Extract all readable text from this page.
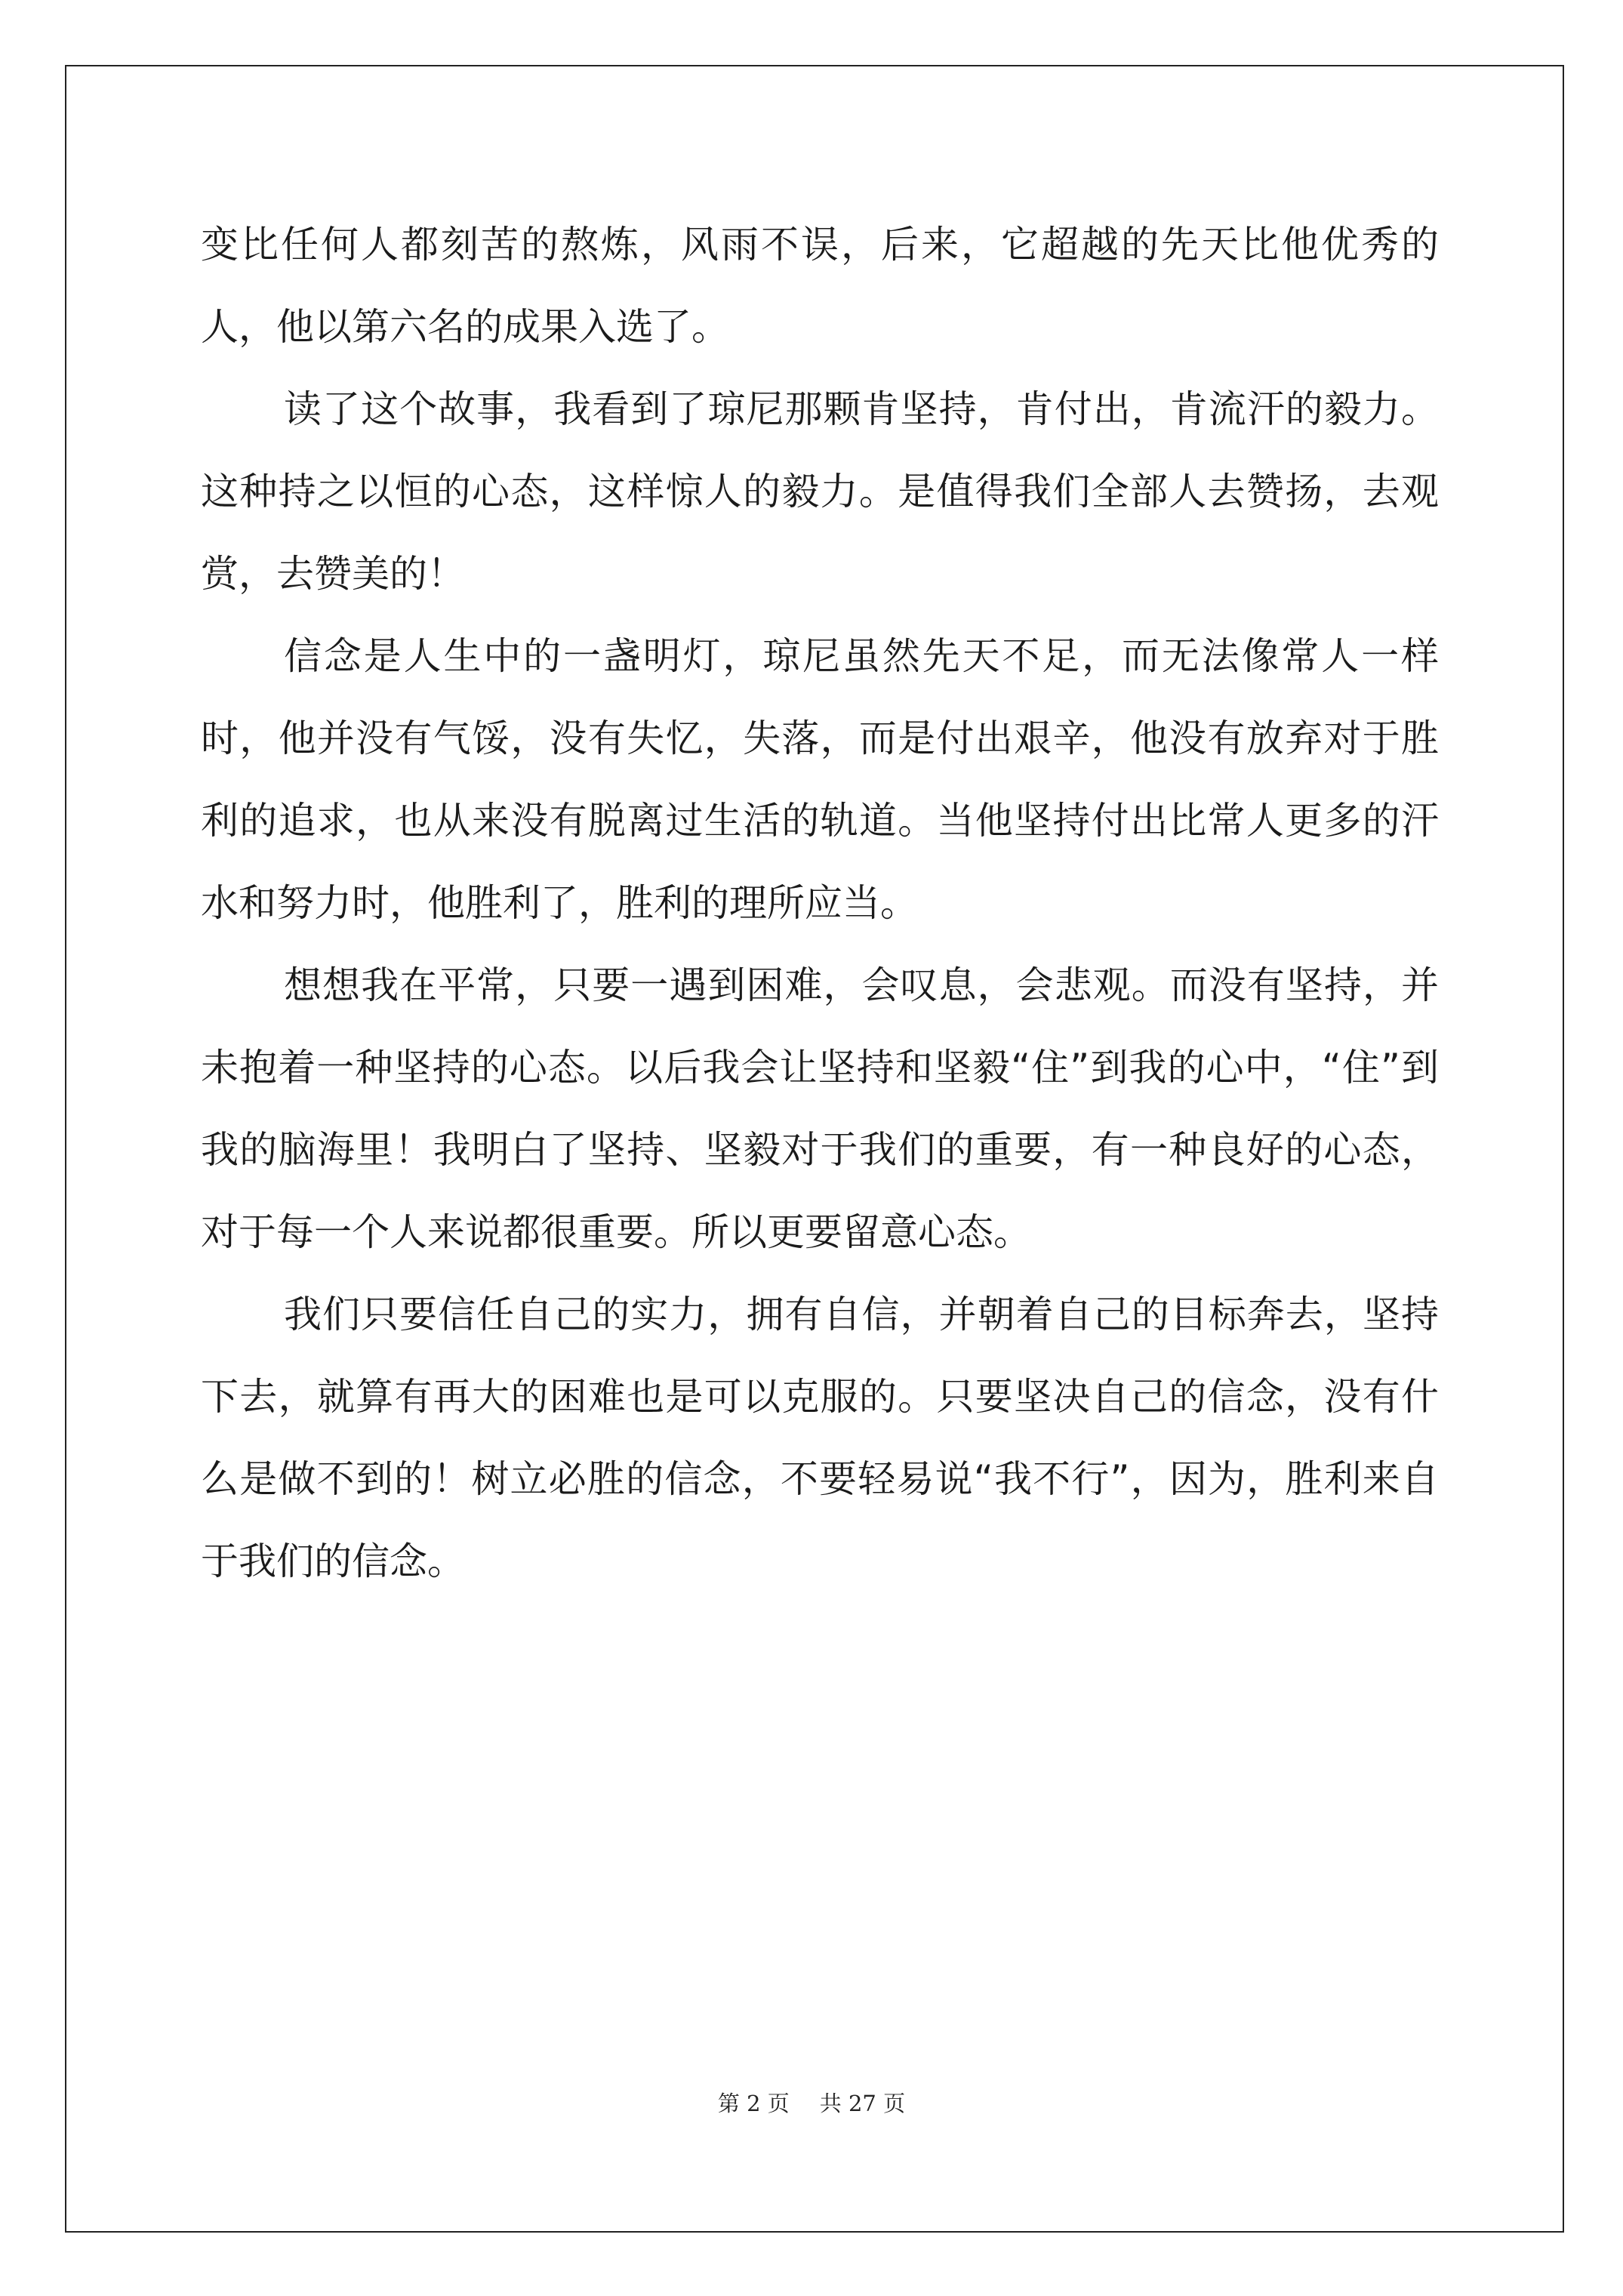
变比任何人都刻苦的熬炼，风雨不误，后来，它超越的先天比他优秀的人，他以第六名的成果入选了。

读了这个故事，我看到了琼尼那颗肯坚持，肯付出，肯流汗的毅力。这种持之以恒的心态，这样惊人的毅力。是值得我们全部人去赞扬，去观赏，去赞美的！

信念是人生中的一盏明灯，琼尼虽然先天不足，而无法像常人一样时，他并没有气馁，没有失忆，失落，而是付出艰辛，他没有放弃对于胜利的追求，也从来没有脱离过生活的轨道。当他坚持付出比常人更多的汗水和努力时，他胜利了，胜利的理所应当。

想想我在平常，只要一遇到困难，会叹息，会悲观。而没有坚持，并未抱着一种坚持的心态。以后我会让坚持和坚毅“住”到我的心中，“住”到我的脑海里！我明白了坚持、坚毅对于我们的重要，有一种良好的心态，对于每一个人来说都很重要。所以更要留意心态。

我们只要信任自己的实力，拥有自信，并朝着自己的目标奔去，坚持下去，就算有再大的困难也是可以克服的。只要坚决自己的信念，没有什么是做不到的！树立必胜的信念，不要轻易说“我不行”，因为，胜利来自于我们的信念。

第 2 页 共 27 页
